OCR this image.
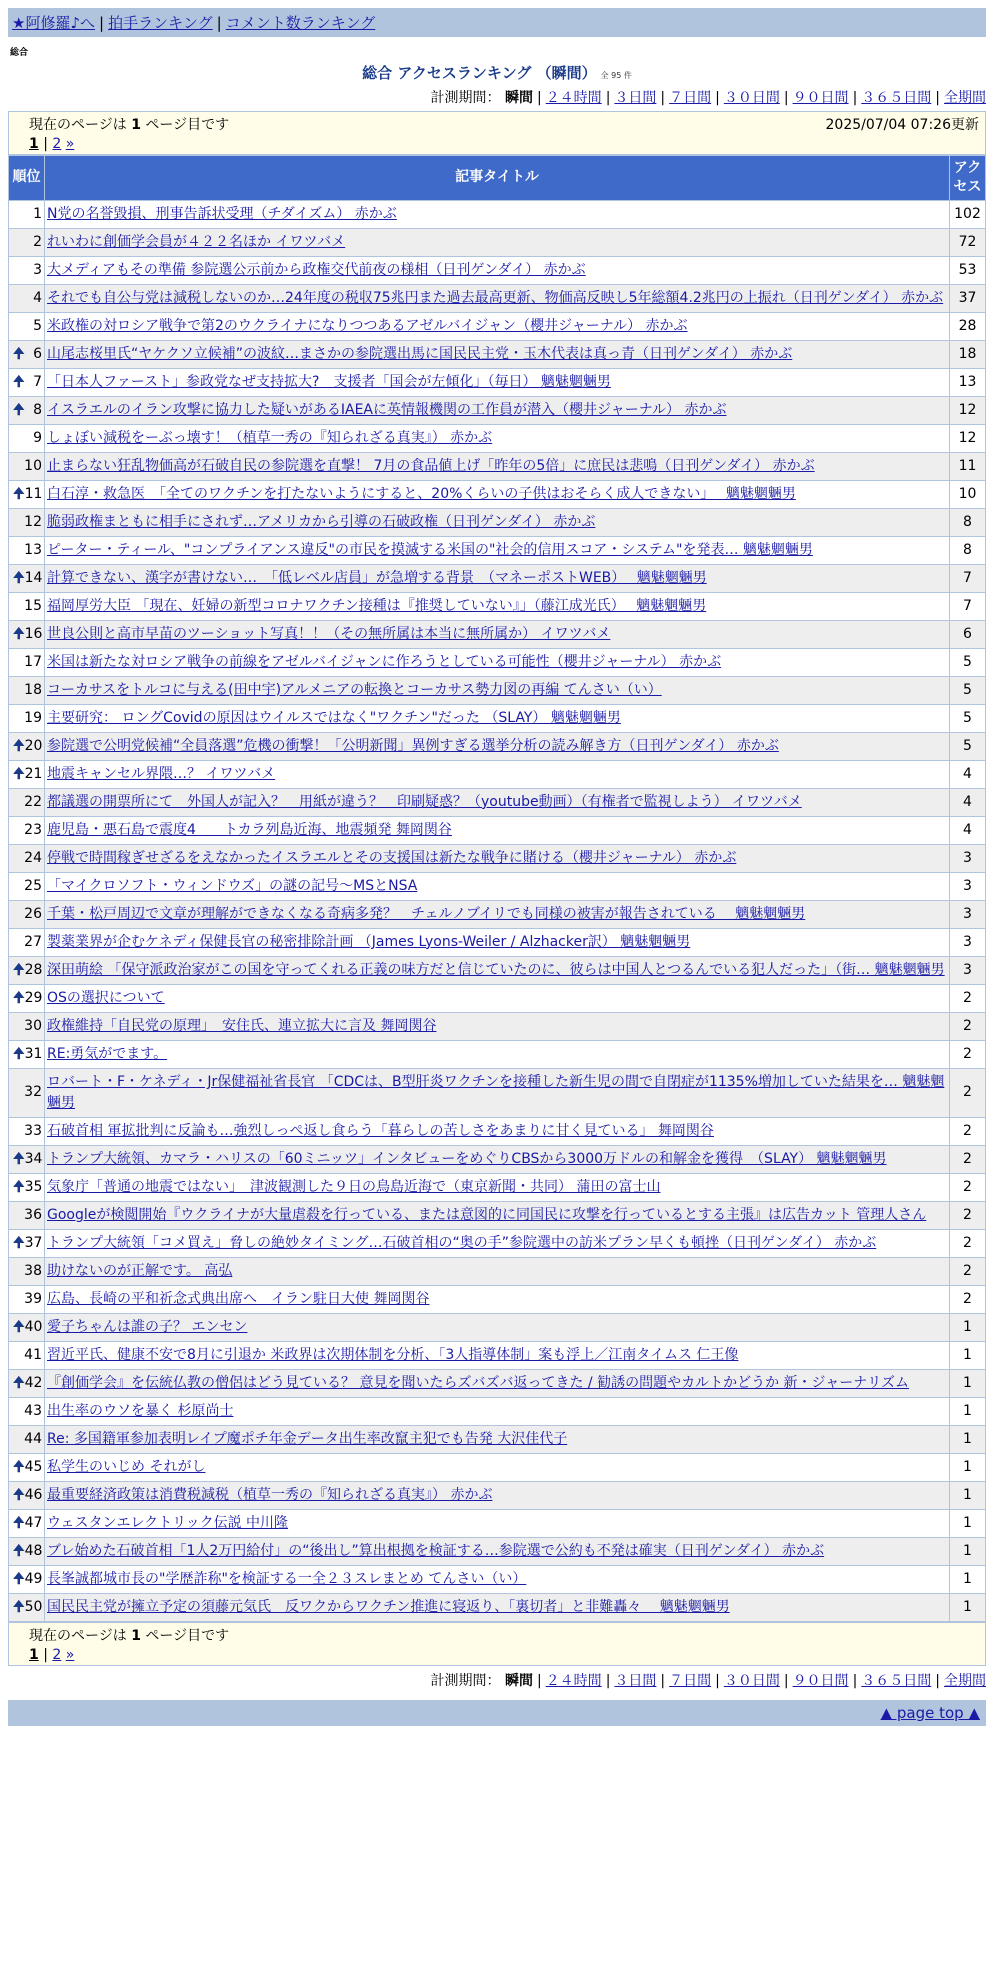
★阿修羅♪へ | 拍手ランキング | コメント数ランキング
総合
総合 アクセスランキング （瞬間） 全 95 件
計測期間： 瞬間 | ２４時間 | ３日間 | ７日間 | ３０日間 | ９０日間 | ３６５日間 | 全期間
現在のページは 1 ページ目です	2025/07/04 07:26更新
1 | 2 »
順位	記事タイトル	アクセス
1	N党の名誉毀損、刑事告訴状受理（チダイズム） 赤かぶ	102
2	れいわに創価学会員が４２２名ほか イワツバメ	72
3	大メディアもその準備 参院選公示前から政権交代前夜の様相（日刊ゲンダイ） 赤かぶ	53
4	それでも自公与党は減税しないのか…24年度の税収75兆円また過去最高更新、物価高反映し5年総額4.2兆円の上振れ（日刊ゲンダイ） 赤かぶ	37
5	米政権の対ロシア戦争で第2のウクライナになりつつあるアゼルバイジャン（櫻井ジャーナル） 赤かぶ	28

🠉 6	山尾志桜里氏“ヤケクソ立候補”の波紋…まさかの参院選出馬に国民民主党・玉木代表は真っ青（日刊ゲンダイ） 赤かぶ	18

🠉 7	「日本人ファースト」参政党なぜ支持拡大?　支援者「国会が左傾化」（毎日） 魑魅魍魎男	13

🠉 8	イスラエルのイラン攻撃に協力した疑いがあるIAEAに英情報機関の工作員が潜入（櫻井ジャーナル） 赤かぶ	12
9	しょぼい減税をーぶっ壊す！（植草一秀の『知られざる真実』） 赤かぶ	12
10	止まらない狂乱物価高が石破自民の参院選を直撃！ 7月の食品値上げ「昨年の5倍」に庶民は悲鳴（日刊ゲンダイ） 赤かぶ	11

🠉 11	白石淳・救急医　「全てのワクチンを打たないようにすると、20%くらいの子供はおそらく成人できない」　 魑魅魍魎男	10
12	脆弱政権まともに相手にされず…アメリカから引導の石破政権（日刊ゲンダイ） 赤かぶ	8
13	ピーター・ティール、"コンプライアンス違反"の市民を摸滅する米国の"社会的信用スコア・システム"を発表… 魑魅魍魎男	8

🠉 14	計算できない、漢字が書けない…　「低レベル店員」が急増する背景　（マネーポストWEB）　 魑魅魍魎男	7
15	福岡厚労大臣 「現在、妊婦の新型コロナワクチン接種は『推奨していない』」（藤江成光氏）　 魑魅魍魎男	7

🠉 16	世良公則と高市早苗のツーショット写真！！（その無所属は本当に無所属か） イワツバメ	6
17	米国は新たな対ロシア戦争の前線をアゼルバイジャンに作ろうとしている可能性（櫻井ジャーナル） 赤かぶ	5
18	コーカサスをトルコに与える(田中宇)アルメニアの転換とコーカサス勢力図の再編 てんさい（い）	5
19	主要研究： ロングCovidの原因はウイルスではなく"ワクチン"だった （SLAY） 魑魅魍魎男	5

🠉 20	参院選で公明党候補“全員落選”危機の衝撃！「公明新聞」異例すぎる選挙分析の読み解き方（日刊ゲンダイ） 赤かぶ	5

🠉 21	地震キャンセル界隈…？ イワツバメ	4
22	都議選の開票所にて　外国人が記入？　用紙が違う？　印刷疑惑？（youtube動画）（有権者で監視しよう） イワツバメ	4
23	鹿児島・悪石島で震度4　　トカラ列島近海、地震頻発 舞岡関谷	4
24	停戦で時間稼ぎせざるをえなかったイスラエルとその支援国は新たな戦争に賭ける（櫻井ジャーナル） 赤かぶ	3
25	「マイクロソフト・ウィンドウズ」の謎の記号〜MSとNSA	3
26	千葉・松戸周辺で文章が理解ができなくなる奇病多発？　チェルノブイリでも同様の被害が報告されている　 魑魅魍魎男	3
27	製薬業界が企むケネディ保健長官の秘密排除計画 （James Lyons-Weiler / Alzhacker訳） 魑魅魍魎男	3

🠉 28	深田萌絵 「保守派政治家がこの国を守ってくれる正義の味方だと信じていたのに、彼らは中国人とつるんでいる犯人だった」（街… 魑魅魍魎男	3

🠉 29	OSの選択について	2
30	政権維持「自民党の原理」　安住氏、連立拡大に言及 舞岡関谷	2

🠉 31	RE:勇気がでます。	2
32	ロバート・F・ケネディ・Jr保健福祉省長官 「CDCは、B型肝炎ワクチンを接種した新生児の間で自閉症が1135%増加していた結果を… 魑魅魍魎男	2
33	石破首相 軍拡批判に反論も…強烈しっぺ返し食らう「暮らしの苦しさをあまりに甘く見ている」 舞岡関谷	2

🠉 34	トランプ大統領、カマラ・ハリスの「60ミニッツ」インタビューをめぐりCBSから3000万ドルの和解金を獲得　（SLAY） 魑魅魍魎男	2

🠉 35	気象庁「普通の地震ではない」　津波観測した９日の鳥島近海で（東京新聞・共同） 蒲田の富士山	2
36	Googleが検閲開始『ウクライナが大量虐殺を行っている、または意図的に同国民に攻撃を行っているとする主張』は広告カット 管理人さん	2

🠉 37	トランプ大統領「コメ買え」脅しの絶妙タイミング…石破首相の“奥の手”参院選中の訪米プラン早くも頓挫（日刊ゲンダイ） 赤かぶ	2
38	助けないのが正解です。 高弘	2
39	広島、長崎の平和祈念式典出席へ　イラン駐日大使 舞岡関谷	2

🠉 40	愛子ちゃんは誰の子？ エンセン	1
41	習近平氏、健康不安で8月に引退か 米政界は次期体制を分析、「3人指導体制」案も浮上／江南タイムス 仁王像	1

🠉 42	『創価学会』を伝統仏教の僧侶はどう見ている？ 意見を聞いたらズバズバ返ってきた / 勧誘の問題やカルトかどうか 新・ジャーナリズム	1
43	出生率のウソを暴く 杉原尚士	1
44	Re: 多国籍軍参加表明レイプ魔ポチ年金データ出生率改竄主犯でも告発 大沢佳代子	1

🠉 45	私学生のいじめ それがし	1

🠉 46	最重要経済政策は消費税減税（植草一秀の『知られざる真実』） 赤かぶ	1

🠉 47	ウェスタンエレクトリック伝説 中川隆	1

🠉 48	ブレ始めた石破首相「1人2万円給付」の“後出し”算出根拠を検証する…参院選で公約も不発は確実（日刊ゲンダイ） 赤かぶ	1

🠉 49	長峯誠都城市長の"学歴詐称"を検証する一全２３スレまとめ てんさい（い）	1

🠉 50	国民民主党が擁立予定の須藤元気氏　反ワクからワクチン推進に寝返り、「裏切者」と非難轟々　 魑魅魍魎男	1
現在のページは 1 ページ目です
1 | 2 »
計測期間： 瞬間 | ２４時間 | ３日間 | ７日間 | ３０日間 | ９０日間 | ３６５日間 | 全期間
▲ page top ▲
